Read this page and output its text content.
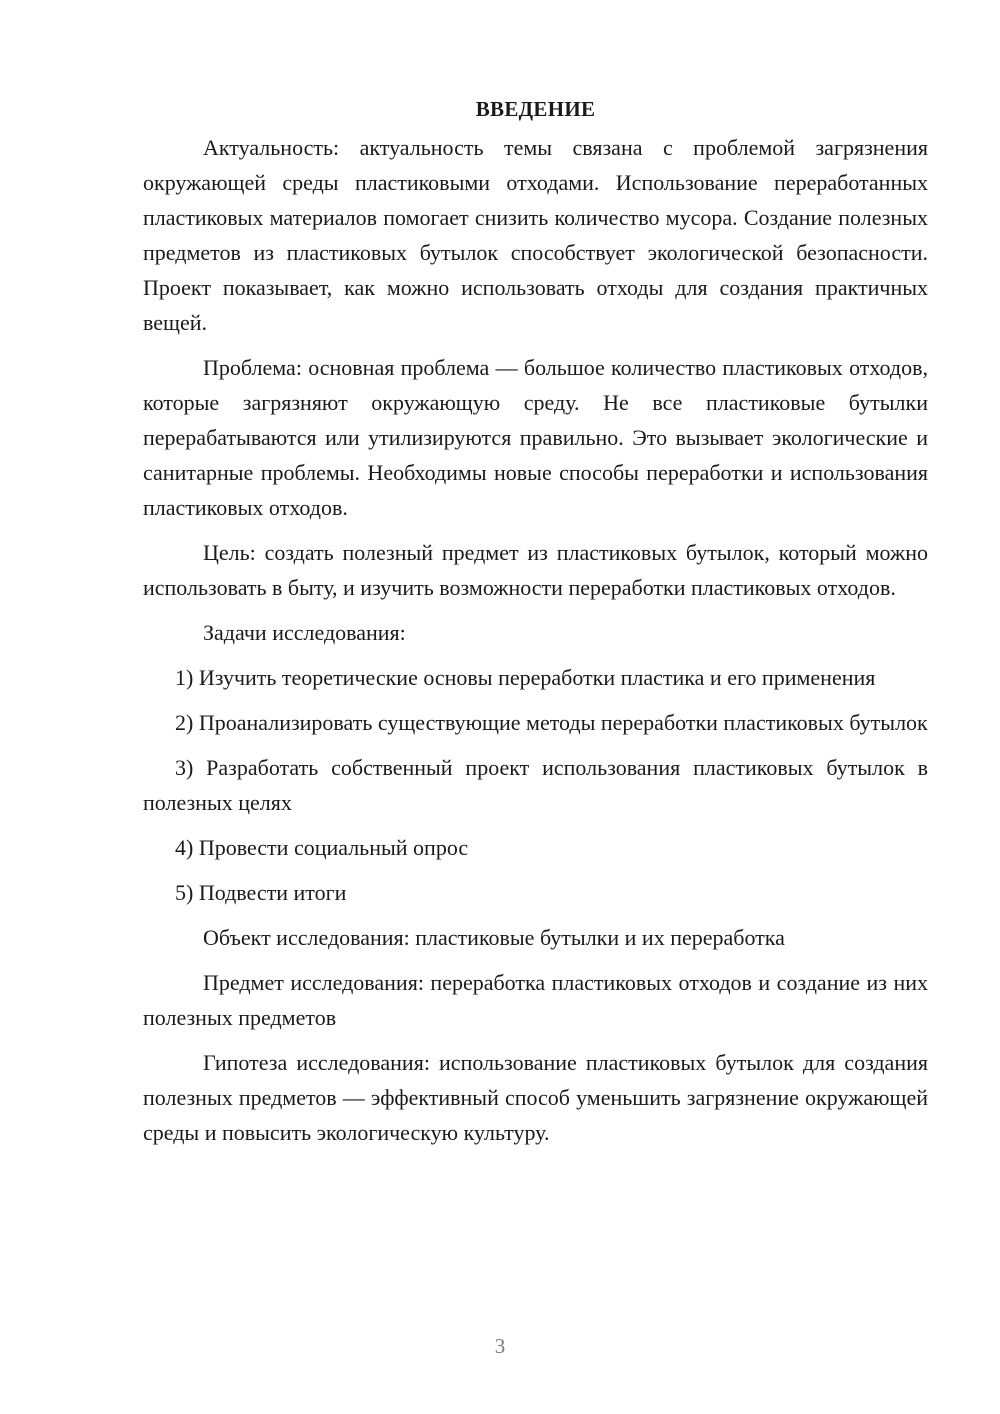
ВВЕДЕНИЕ

Актуальность: актуальность темы связана с проблемой загрязнения окружающей среды пластиковыми отходами. Использование переработанных пластиковых материалов помогает снизить количество мусора. Создание полезных предметов из пластиковых бутылок способствует экологической безопасности. Проект показывает, как можно использовать отходы для создания практичных вещей.

Проблема: основная проблема — большое количество пластиковых отходов, которые загрязняют окружающую среду. Не все пластиковые бутылки перерабатываются или утилизируются правильно. Это вызывает экологические и санитарные проблемы. Необходимы новые способы переработки и использования пластиковых отходов.

Цель: создать полезный предмет из пластиковых бутылок, который можно использовать в быту, и изучить возможности переработки пластиковых отходов.

Задачи исследования:

1) Изучить теоретические основы переработки пластика и его применения

2) Проанализировать существующие методы переработки пластиковых бутылок

3) Разработать собственный проект использования пластиковых бутылок в полезных целях

4) Провести социальный опрос

5) Подвести итоги

Объект исследования: пластиковые бутылки и их переработка

Предмет исследования: переработка пластиковых отходов и создание из них полезных предметов

Гипотеза исследования: использование пластиковых бутылок для создания полезных предметов — эффективный способ уменьшить загрязнение окружающей среды и повысить экологическую культуру.

3
